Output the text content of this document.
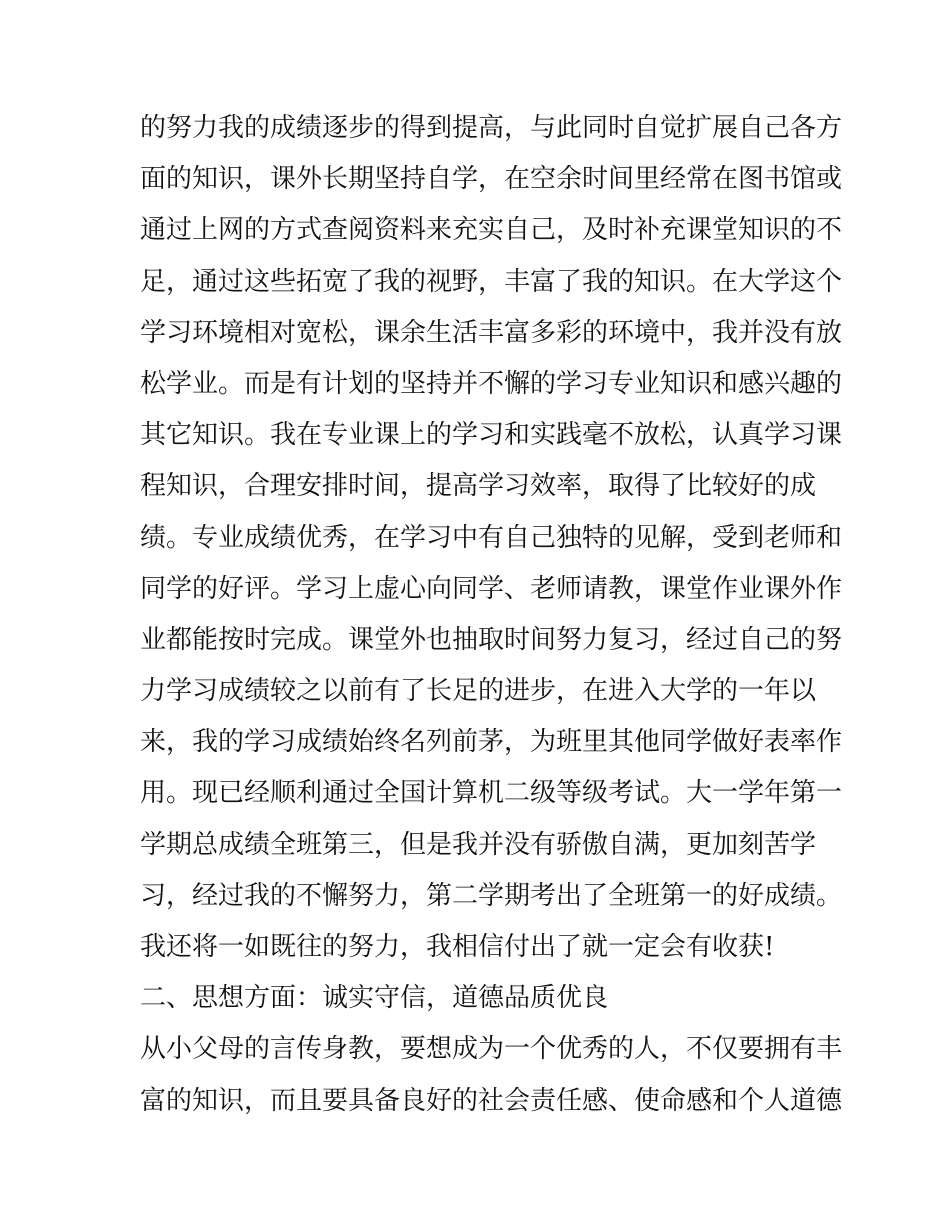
的努力我的成绩逐步的得到提高，与此同时自觉扩展自己各方
面的知识，课外长期坚持自学，在空余时间里经常在图书馆或
通过上网的方式查阅资料来充实自己，及时补充课堂知识的不
足，通过这些拓宽了我的视野，丰富了我的知识。在大学这个
学习环境相对宽松，课余生活丰富多彩的环境中，我并没有放
松学业。而是有计划的坚持并不懈的学习专业知识和感兴趣的
其它知识。我在专业课上的学习和实践毫不放松，认真学习课
程知识，合理安排时间，提高学习效率，取得了比较好的成
绩。专业成绩优秀，在学习中有自己独特的见解，受到老师和
同学的好评。学习上虚心向同学、老师请教，课堂作业课外作
业都能按时完成。课堂外也抽取时间努力复习，经过自己的努
力学习成绩较之以前有了长足的进步，在进入大学的一年以
来，我的学习成绩始终名列前茅，为班里其他同学做好表率作
用。现已经顺利通过全国计算机二级等级考试。大一学年第一
学期总成绩全班第三，但是我并没有骄傲自满，更加刻苦学
习，经过我的不懈努力，第二学期考出了全班第一的好成绩。
我还将一如既往的努力，我相信付出了就一定会有收获!
二、思想方面：诚实守信，道德品质优良
从小父母的言传身教，要想成为一个优秀的人，不仅要拥有丰
富的知识，而且要具备良好的社会责任感、使命感和个人道德
